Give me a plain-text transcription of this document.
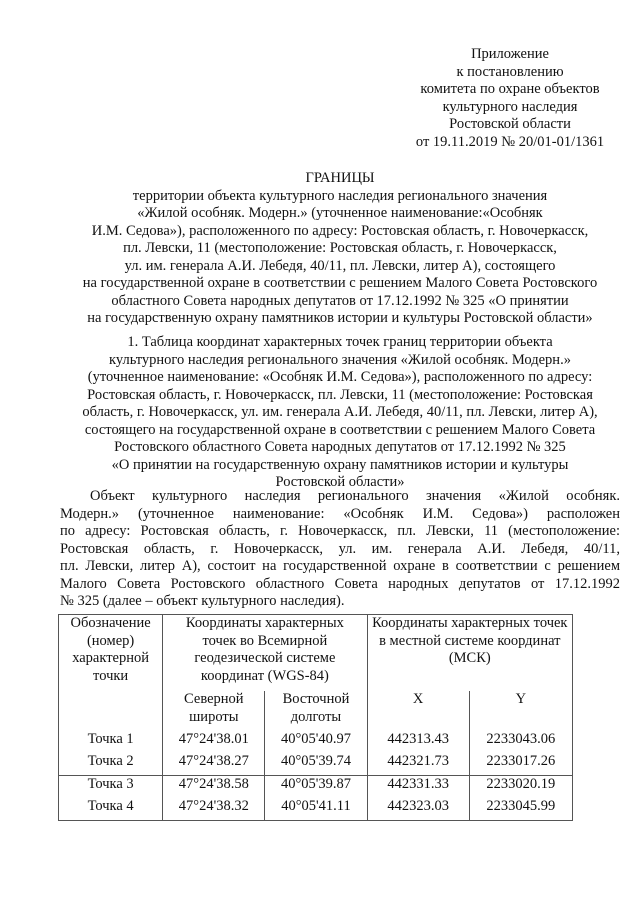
Приложение
к постановлению
комитета по охране объектов
культурного наследия
Ростовской области
от 19.11.2019 № 20/01-01/1361
ГРАНИЦЫ
территории объекта культурного наследия регионального значения
«Жилой особняк. Модерн.» (уточненное наименование:«Особняк
И.М. Седова»), расположенного по адресу: Ростовская область, г. Новочеркасск,
пл. Левски, 11 (местоположение: Ростовская область, г. Новочеркасск,
ул. им. генерала А.И. Лебедя, 40/11, пл. Левски, литер А), состоящего
на государственной охране в соответствии с решением Малого Совета Ростовского
областного Совета народных депутатов от 17.12.1992 № 325 «О принятии
на государственную охрану памятников истории и культуры Ростовской области»
1. Таблица координат характерных точек границ территории объекта
культурного наследия регионального значения «Жилой особняк. Модерн.»
(уточненное наименование: «Особняк И.М. Седова»), расположенного по адресу:
Ростовская область, г. Новочеркасск, пл. Левски, 11 (местоположение: Ростовская
область, г. Новочеркасск, ул. им. генерала А.И. Лебедя, 40/11, пл. Левски, литер А),
состоящего на государственной охране в соответствии с решением Малого Совета
Ростовского областного Совета народных депутатов от 17.12.1992 № 325
«О принятии на государственную охрану памятников истории и культуры
Ростовской области»
Объект культурного наследия регионального значения «Жилой особняк.
Модерн.» (уточненное наименование: «Особняк И.М. Седова») расположен
по адресу: Ростовская область, г. Новочеркасск, пл. Левски, 11 (местоположение:
Ростовская область, г. Новочеркасск, ул. им. генерала А.И. Лебедя, 40/11,
пл. Левски, литер А), состоит на государственной охране в соответствии с решением
Малого Совета Ростовского областного Совета народных депутатов от 17.12.1992
№ 325 (далее – объект культурного наследия).
Обозначение (номер) характерной точки	Координаты характерных точек во Всемирной геодезической системе координат (WGS-84)		Координаты характерных точек в местной системе координат (МСК)	
	Северной широты	Восточной долготы	X	Y
Точка 1	47°24'38.01	40°05'40.97	442313.43	2233043.06
Точка 2	47°24'38.27	40°05'39.74	442321.73	2233017.26
Точка 3	47°24'38.58	40°05'39.87	442331.33	2233020.19
Точка 4	47°24'38.32	40°05'41.11	442323.03	2233045.99
